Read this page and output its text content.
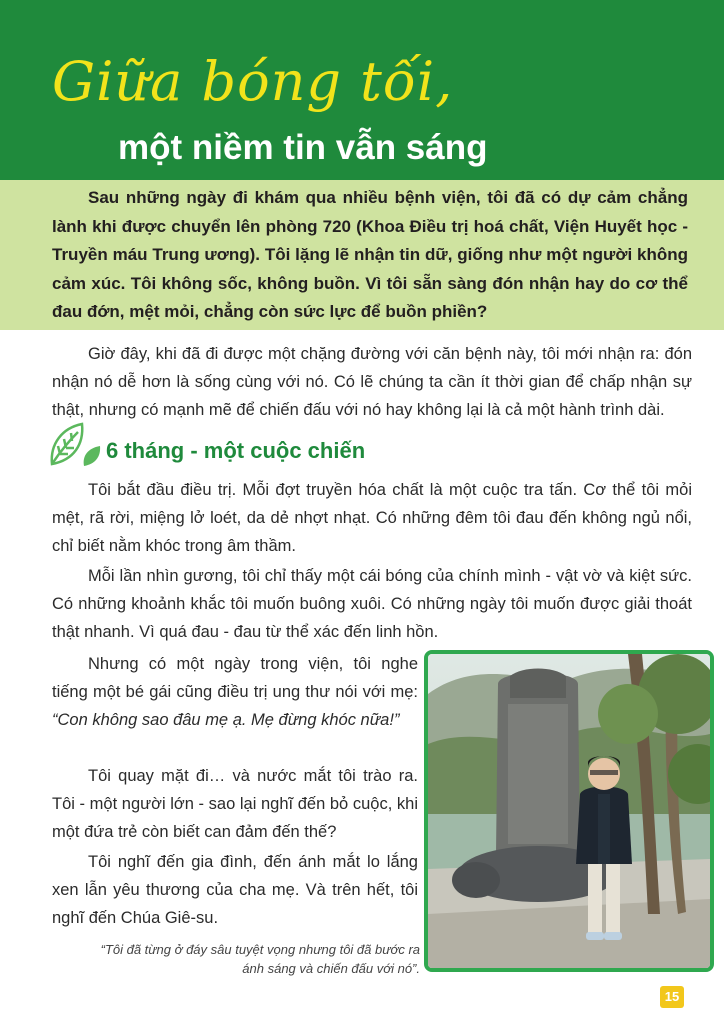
Giữa bóng tối,
một niềm tin vẫn sáng

Sau những ngày đi khám qua nhiều bệnh viện, tôi đã có dự cảm chẳng lành khi được chuyển lên phòng 720 (Khoa Điều trị hoá chất, Viện Huyết học - Truyền máu Trung ương). Tôi lặng lẽ nhận tin dữ, giống như một người không cảm xúc. Tôi không sốc, không buồn. Vì tôi sẵn sàng đón nhận hay do cơ thể đau đớn, mệt mỏi, chẳng còn sức lực để buồn phiền?

Giờ đây, khi đã đi được một chặng đường với căn bệnh này, tôi mới nhận ra: đón nhận nó dễ hơn là sống cùng với nó. Có lẽ chúng ta cần ít thời gian để chấp nhận sự thật, nhưng có mạnh mẽ để chiến đấu với nó hay không lại là cả một hành trình dài.

6 tháng - một cuộc chiến

Tôi bắt đầu điều trị. Mỗi đợt truyền hóa chất là một cuộc tra tấn. Cơ thể tôi mỏi mệt, rã rời, miệng lở loét, da dẻ nhợt nhạt. Có những đêm tôi đau đến không ngủ nổi, chỉ biết nằm khóc trong âm thầm.

Mỗi lần nhìn gương, tôi chỉ thấy một cái bóng của chính mình - vật vờ và kiệt sức. Có những khoảnh khắc tôi muốn buông xuôi. Có những ngày tôi muốn được giải thoát thật nhanh. Vì quá đau - đau từ thể xác đến linh hồn.

Nhưng có một ngày trong viện, tôi nghe tiếng một bé gái cũng điều trị ung thư nói với mẹ: “Con không sao đâu mẹ ạ. Mẹ đừng khóc nữa!”

Tôi quay mặt đi… và nước mắt tôi trào ra. Tôi - một người lớn - sao lại nghĩ đến bỏ cuộc, khi một đứa trẻ còn biết can đảm đến thế?

Tôi nghĩ đến gia đình, đến ánh mắt lo lắng xen lẫn yêu thương của cha mẹ. Và trên hết, tôi nghĩ đến Chúa Giê-su.

“Tôi đã từng ở đáy sâu tuyệt vọng nhưng tôi đã bước ra ánh sáng và chiến đấu với nó”.

15
